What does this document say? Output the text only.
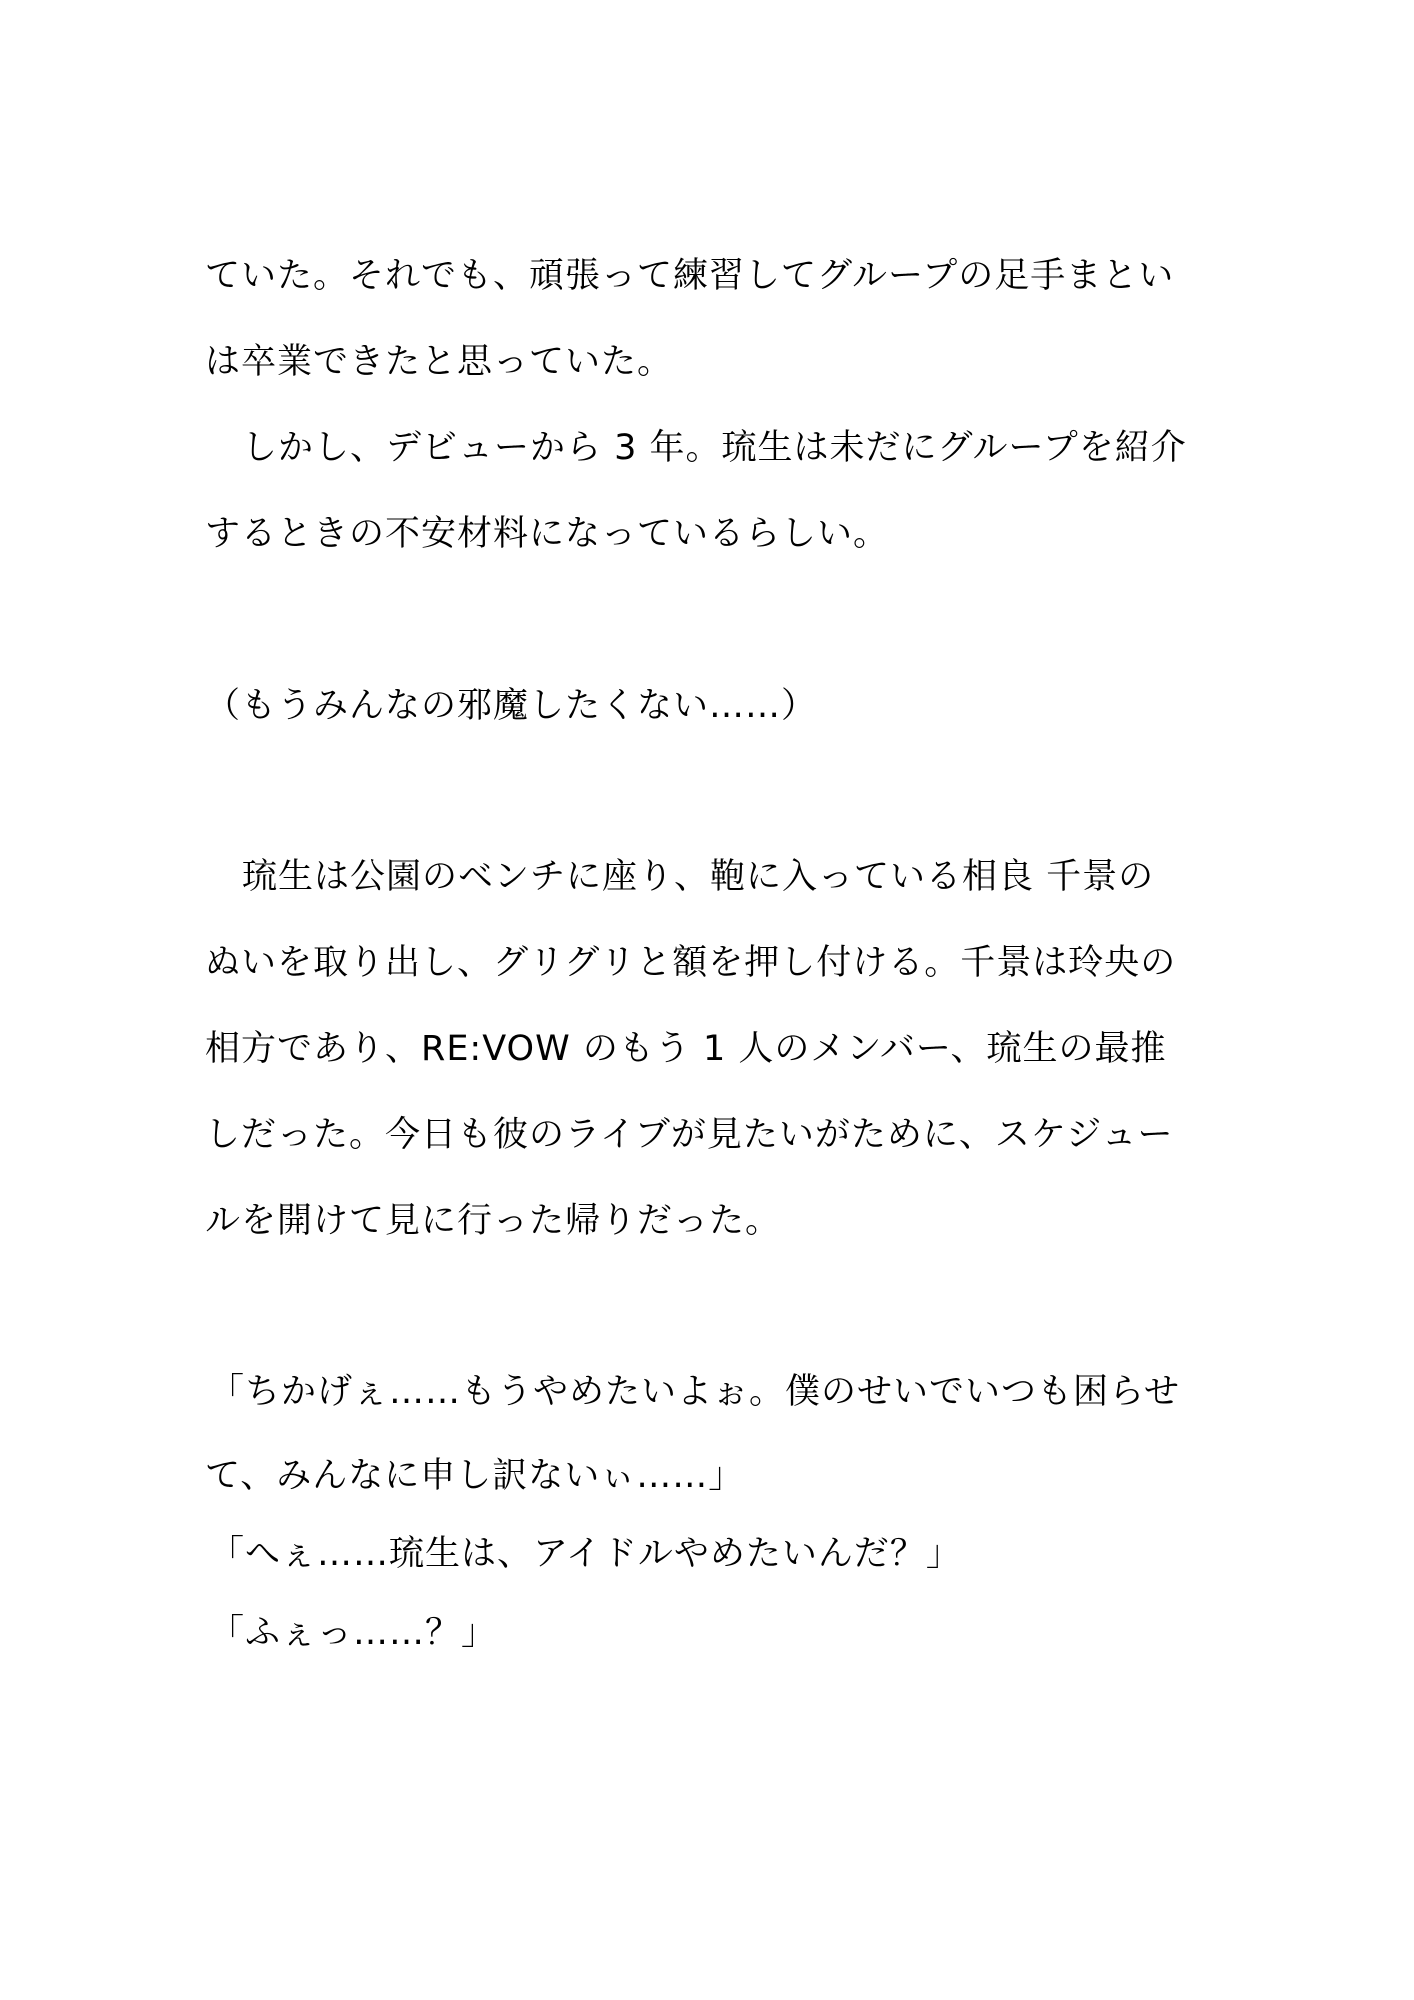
ていた。それでも、頑張って練習してグループの足手まとい
は卒業できたと思っていた。
しかし、デビューから 3 年。琉生は未だにグループを紹介
するときの不安材料になっているらしい。
（もうみんなの邪魔したくない……）
琉生は公園のベンチに座り、鞄に入っている相良 千景の
ぬいを取り出し、グリグリと額を押し付ける。千景は玲央の
相方であり、RE:VOW のもう 1 人のメンバー、琉生の最推
しだった。今日も彼のライブが見たいがために、スケジュー
ルを開けて見に行った帰りだった。
「ちかげぇ……もうやめたいよぉ。僕のせいでいつも困らせ
て、みんなに申し訳ないぃ……」
「へぇ……琉生は、アイドルやめたいんだ？」
「ふぇっ……？」
